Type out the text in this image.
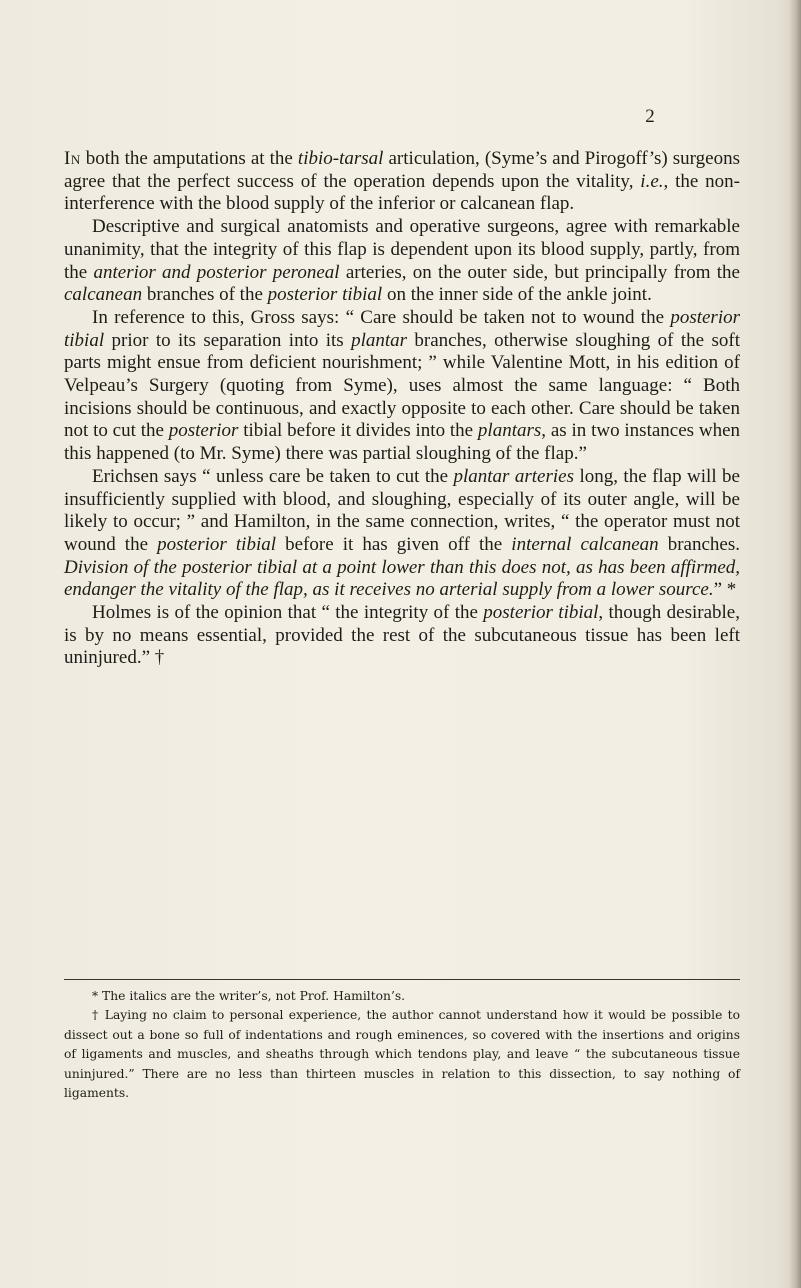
2

In both the amputations at the tibio-tarsal articulation, (Syme’s and Pirogoff’s) surgeons agree that the perfect success of the operation depends upon the vitality, i.e., the non-interference with the blood supply of the inferior or calcanean flap.

Descriptive and surgical anatomists and operative surgeons, agree with remarkable unanimity, that the integrity of this flap is dependent upon its blood supply, partly, from the anterior and posterior peroneal arteries, on the outer side, but principally from the calcanean branches of the posterior tibial on the inner side of the ankle joint.

In reference to this, Gross says: “ Care should be taken not to wound the posterior tibial prior to its separation into its plantar branches, otherwise sloughing of the soft parts might ensue from deficient nourishment; ” while Valentine Mott, in his edition of Velpeau’s Surgery (quoting from Syme), uses almost the same language: “ Both incisions should be continuous, and exactly opposite to each other. Care should be taken not to cut the posterior tibial before it divides into the plantars, as in two instances when this happened (to Mr. Syme) there was partial sloughing of the flap.”

Erichsen says “ unless care be taken to cut the plantar arteries long, the flap will be insufficiently supplied with blood, and sloughing, especially of its outer angle, will be likely to occur; ” and Hamilton, in the same connection, writes, “ the operator must not wound the posterior tibial before it has given off the internal calcanean branches. Division of the posterior tibial at a point lower than this does not, as has been affirmed, endanger the vitality of the flap, as it receives no arterial supply from a lower source.” *

Holmes is of the opinion that “ the integrity of the posterior tibial, though desirable, is by no means essential, provided the rest of the subcutaneous tissue has been left uninjured.” †

* The italics are the writer’s, not Prof. Hamilton’s.

† Laying no claim to personal experience, the author cannot understand how it would be possible to dissect out a bone so full of indentations and rough eminences, so covered with the insertions and origins of ligaments and muscles, and sheaths through which tendons play, and leave “ the subcutaneous tissue uninjured.” There are no less than thirteen muscles in relation to this dissection, to say nothing of ligaments.
